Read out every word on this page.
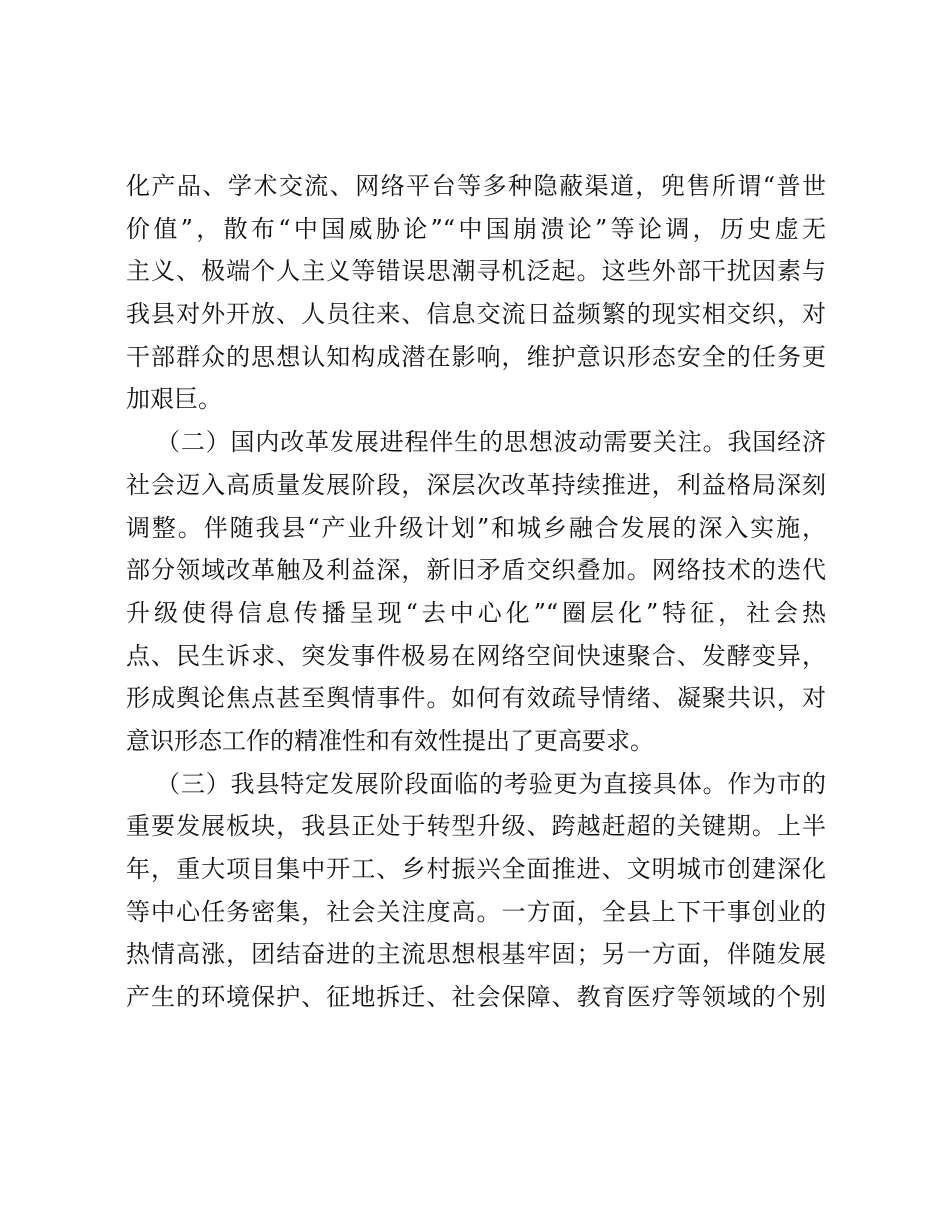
化产品、学术交流、网络平台等多种隐蔽渠道，兜售所谓“普世
价值”，散布“中国威胁论”“中国崩溃论”等论调，历史虚无
主义、极端个人主义等错误思潮寻机泛起。这些外部干扰因素与
我县对外开放、人员往来、信息交流日益频繁的现实相交织，对
干部群众的思想认知构成潜在影响，维护意识形态安全的任务更
加艰巨。
（二）国内改革发展进程伴生的思想波动需要关注。我国经济
社会迈入高质量发展阶段，深层次改革持续推进，利益格局深刻
调整。伴随我县“产业升级计划”和城乡融合发展的深入实施，
部分领域改革触及利益深，新旧矛盾交织叠加。网络技术的迭代
升级使得信息传播呈现“去中心化”“圈层化”特征，社会热
点、民生诉求、突发事件极易在网络空间快速聚合、发酵变异，
形成舆论焦点甚至舆情事件。如何有效疏导情绪、凝聚共识，对
意识形态工作的精准性和有效性提出了更高要求。
（三）我县特定发展阶段面临的考验更为直接具体。作为市的
重要发展板块，我县正处于转型升级、跨越赶超的关键期。上半
年，重大项目集中开工、乡村振兴全面推进、文明城市创建深化
等中心任务密集，社会关注度高。一方面，全县上下干事创业的
热情高涨，团结奋进的主流思想根基牢固；另一方面，伴随发展
产生的环境保护、征地拆迁、社会保障、教育医疗等领域的个别
